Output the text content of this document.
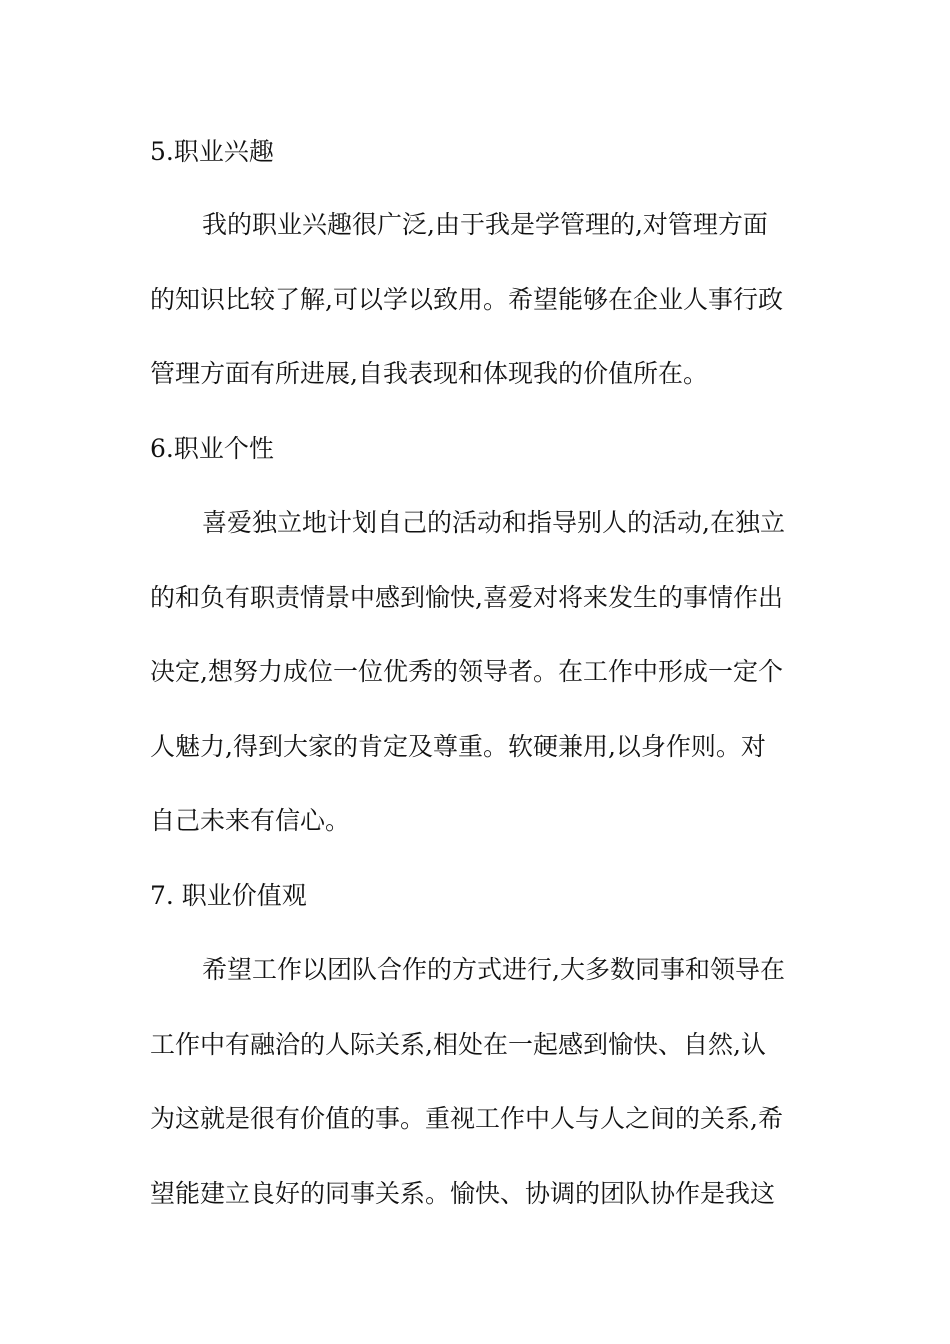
5.职业兴趣
我的职业兴趣很广泛,由于我是学管理的,对管理方面
的知识比较了解,可以学以致用。希望能够在企业人事行政
管理方面有所进展,自我表现和体现我的价值所在。
6.职业个性
喜爱独立地计划自己的活动和指导别人的活动,在独立
的和负有职责情景中感到愉快,喜爱对将来发生的事情作出
决定,想努力成位一位优秀的领导者。在工作中形成一定个
人魅力,得到大家的肯定及尊重。软硬兼用,以身作则。对
自己未来有信心。
7. 职业价值观
希望工作以团队合作的方式进行,大多数同事和领导在
工作中有融洽的人际关系,相处在一起感到愉快、自然,认
为这就是很有价值的事。重视工作中人与人之间的关系,希
望能建立良好的同事关系。愉快、协调的团队协作是我这
